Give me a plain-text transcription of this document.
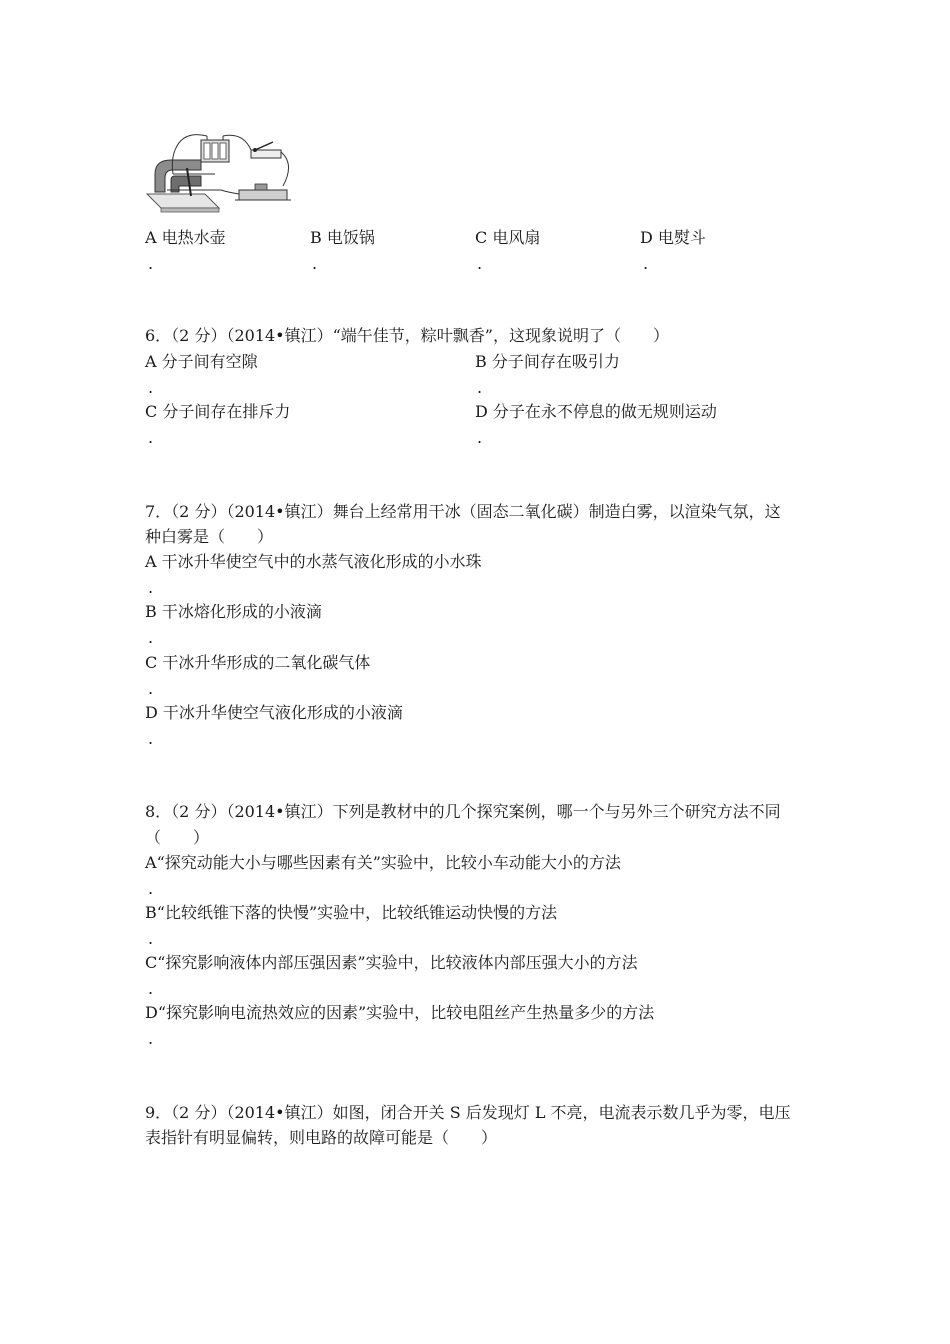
A 电热水壶
.
B 电饭锅
.
C 电风扇
.
D 电熨斗
.
6．（2 分）（2014•镇江）“端午佳节，粽叶飘香”，这现象说明了（　　）
A 分子间有空隙
.
B 分子间存在吸引力
.
C 分子间存在排斥力
.
D 分子在永不停息的做无规则运动
.
7．（2 分）（2014•镇江）舞台上经常用干冰（固态二氧化碳）制造白雾，以渲染气氛，这
种白雾是（　　）
A 干冰升华使空气中的水蒸气液化形成的小水珠
.
B 干冰熔化形成的小液滴
.
C 干冰升华形成的二氧化碳气体
.
D 干冰升华使空气液化形成的小液滴
.
8．（2 分）（2014•镇江）下列是教材中的几个探究案例，哪一个与另外三个研究方法不同
（　　）
A“探究动能大小与哪些因素有关”实验中，比较小车动能大小的方法
.
B“比较纸锥下落的快慢”实验中，比较纸锥运动快慢的方法
.
C“探究影响液体内部压强因素”实验中，比较液体内部压强大小的方法
.
D“探究影响电流热效应的因素”实验中，比较电阻丝产生热量多少的方法
.
9．（2 分）（2014•镇江）如图，闭合开关 S 后发现灯 L 不亮，电流表示数几乎为零，电压
表指针有明显偏转，则电路的故障可能是（　　）
